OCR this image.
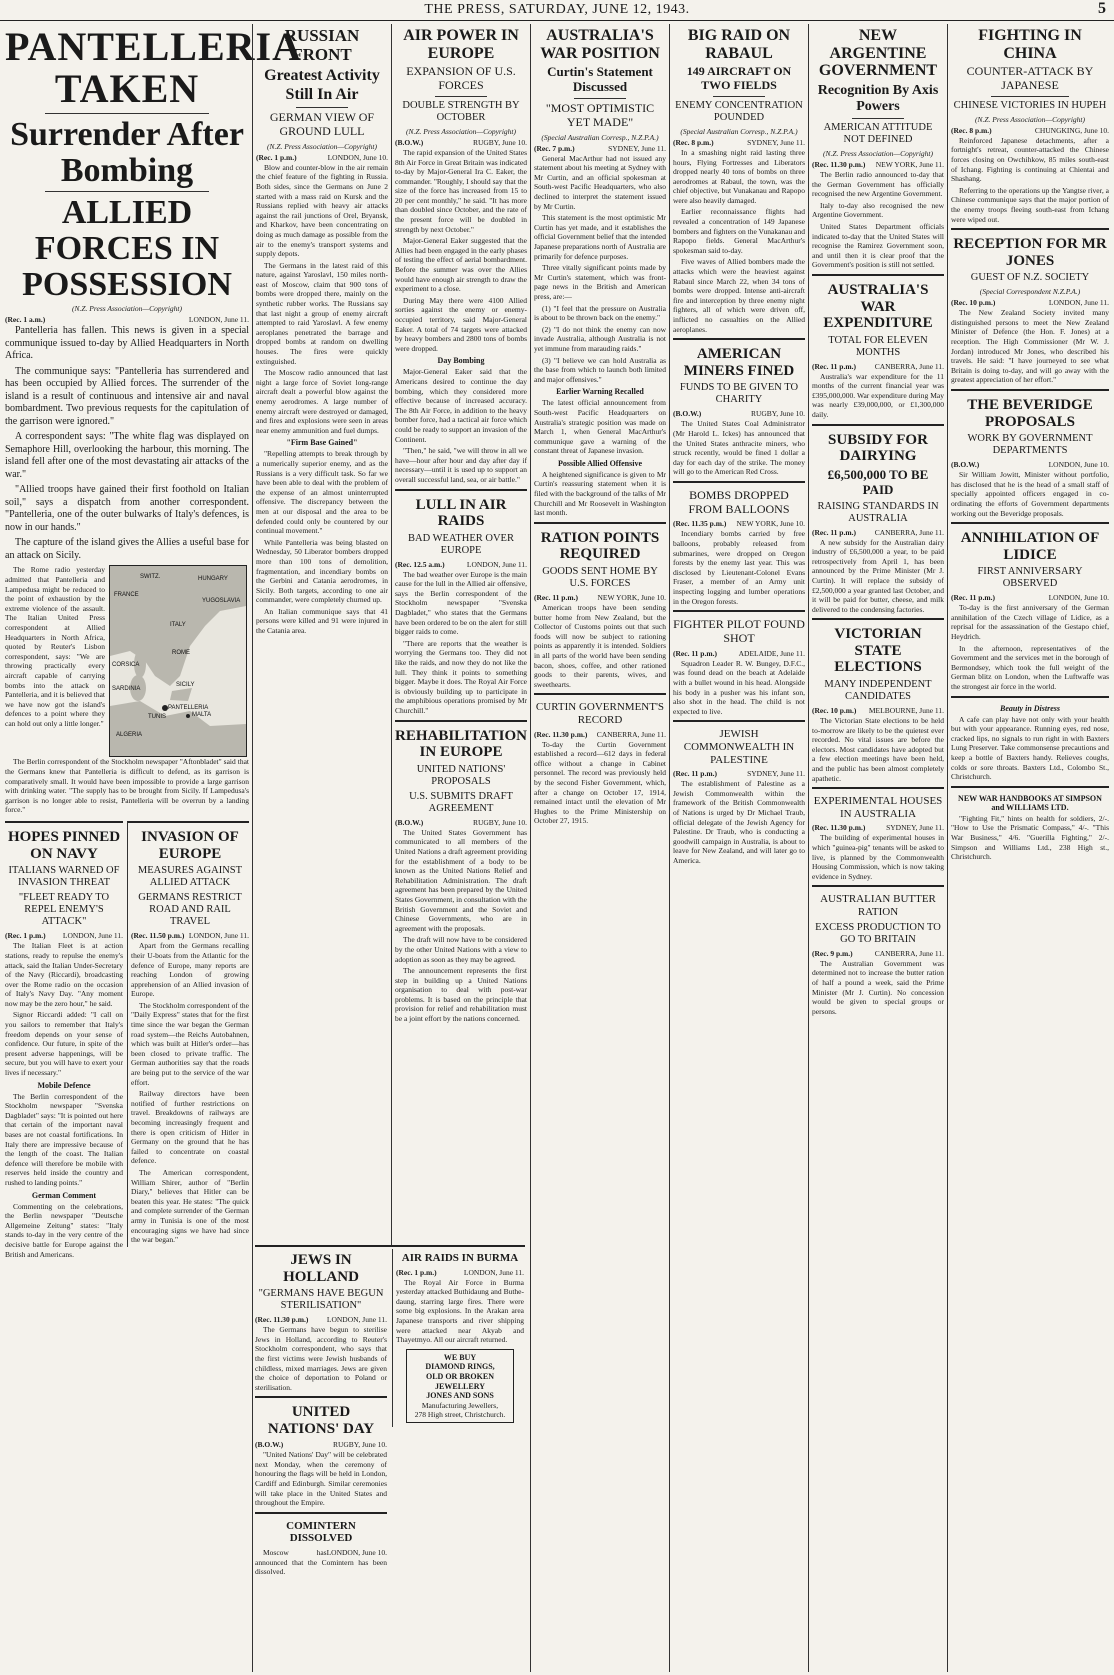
THE PRESS, SATURDAY, JUNE 12, 1943.	5
PANTELLERIA TAKEN
Surrender After Bombing
ALLIED FORCES IN POSSESSION
(N.Z. Press Association—Copyright)
(Rec. 1 a.m.)	LONDON, June 11.

Pantelleria has fallen. This news is given in a special communique issued to-day by Allied Headquarters in North Africa.

The communique says: "Pantelleria has surrendered and has been occupied by Allied forces. The surrender of the island is a result of continuous and intensive air and naval bombardment. Two previous requests for the capitulation of the garrison were ignored."

A correspondent says: "The white flag was displayed on Semaphore Hill, overlooking the harbour, this morning. The island fell after one of the most devastating air attacks of the war."

"Allied troops have gained their first foothold on Italian soil," says a dispatch from another correspondent. "Pantelleria, one of the outer bulwarks of Italy's defences, is now in our hands."

The capture of the island gives the Allies a useful base for an attack on Sicily.

The Rome radio yesterday admitted that Pantelleria and Lampedusa might be reduced to the point of exhaustion by the extreme violence of the assault. The Italian United Press correspondent at Allied Headquarters in North Africa, quoted by Reuter's Lisbon correspondent, says: "We are throwing practically every aircraft capable of carrying bombs into the attack on Pantelleria, and it is believed that we have now got the island's defences to a point where they can hold out only a little longer."

SWITZ.	HUNGARY
FRANCE
ITALY
YUGOSLAVIA
ROME
CORSICA
SARDINIA
SICILY
TUNIS
PANTELLERIA
ALGERIA
MALTA

The Berlin correspondent of the Stockholm newspaper "Aftonbladet" said that the Germans knew that Pantelleria is difficult to defend, as its garrison is comparatively small. It would have been impossible to provide a large garrison with drinking water. "The supply has to be brought from Sicily. If Lampedusa's garrison is no longer able to resist, Pantelleria will be overrun by a landing force."

HOPES PINNED ON NAVY
ITALIANS WARNED OF INVASION THREAT
"FLEET READY TO REPEL ENEMY'S ATTACK"
(Rec. 1 p.m.) LONDON, June 11.

The Italian Fleet is at action stations, ready to repulse the enemy's attack, said the Italian Under-Secretary of the Navy (Riccardi), broadcasting over the Rome radio on the occasion of Italy's Navy Day. "Any moment now may be the zero hour," he said.

Signor Riccardi added: "I call on you sailors to remember that Italy's freedom depends on your sense of confidence. Our future, in spite of the present adverse happenings, will be secure, but you will have to exert your lives if necessary."

Mobile Defence

The Berlin correspondent of the Stockholm newspaper "Svenska Dagbladet" says: "It is pointed out here that certain of the important naval bases are not coastal fortifications. In Italy there are impressive because of the length of the coast. The Italian defence will therefore be mobile with reserves held inside the country and rushed to landing points."

German Comment

Commenting on the celebrations, the Berlin newspaper "Deutsche Allgemeine Zeitung" states: "Italy stands to-day in the very centre of the decisive battle for Europe against the British and Americans.

INVASION OF EUROPE
MEASURES AGAINST ALLIED ATTACK
GERMANS RESTRICT ROAD AND RAIL TRAVEL
(Rec. 11.50 p.m.) LONDON, June 11.

Apart from the Germans recalling their U-boats from the Atlantic for the defence of Europe, many reports are reaching London of growing apprehension of an Allied invasion of Europe.

The Stockholm correspondent of the "Daily Express" states that for the first time since the war began the German road system—the Reichs Autobahnen, which was built at Hitler's order—has been closed to private traffic. The German authorities say that the roads are being put to the service of the war effort.

Railway directors have been notified of further restrictions on travel. Breakdowns of railways are becoming increasingly frequent and there is open criticism of Hitler in Germany on the ground that he has failed to concentrate on coastal defence.

The American correspondent, William Shirer, author of "Berlin Diary," believes that Hitler can be beaten this year. He states: "The quick and complete surrender of the German army in Tunisia is one of the most encouraging signs we have had since the war began."

RUSSIAN FRONT
Greatest Activity Still In Air
GERMAN VIEW OF GROUND LULL
(N.Z. Press Association—Copyright)
(Rec. 1 p.m.)	LONDON, June 10.

Blow and counter-blow in the air remain the chief feature of the fighting in Russia. Both sides, since the Germans on June 2 started with a mass raid on Kursk and the Russians replied with heavy air attacks against the rail junctions of Orel, Bryansk, and Kharkov, have been concentrating on doing as much damage as possible from the air to the enemy's transport systems and supply depots.

The Germans in the latest raid of this nature, against Yaroslavl, 150 miles north-east of Moscow, claim that 900 tons of bombs were dropped there, mainly on the synthetic rubber works. The Russians say that last night a group of enemy aircraft attempted to raid Yaroslavl. A few enemy aeroplanes penetrated the barrage and dropped bombs at random on dwelling houses. The fires were quickly extinguished.

The Moscow radio announced that last night a large force of Soviet long-range aircraft dealt a powerful blow against the enemy aerodromes. A large number of enemy aircraft were destroyed or damaged, and fires and explosions were seen in areas near enemy ammunition and fuel dumps.

"Firm Base Gained"

"Repelling attempts to break through by a numerically superior enemy, and as the Russians is a very difficult task. So far we have been able to deal with the problem of the expense of an almost uninterrupted offensive. The discrepancy between the men at our disposal and the area to be defended could only be countered by our continual movement."

While Pantelleria was being blasted on Wednesday, 50 Liberator bombers dropped more than 100 tons of demolition, fragmentation, and incendiary bombs on the Gerbini and Catania aerodromes, in Sicily. Both targets, according to one air commander, were completely churned up.

An Italian communique says that 41 persons were killed and 91 were injured in the Catania area.

AIR POWER IN EUROPE
EXPANSION OF U.S. FORCES
DOUBLE STRENGTH BY OCTOBER
(N.Z. Press Association—Copyright)
(B.O.W.)	RUGBY, June 10.

The rapid expansion of the United States 8th Air Force in Great Britain was indicated to-day by Major-General Ira C. Eaker, the commander. "Roughly, I should say that the size of the force has increased from 15 to 20 per cent monthly," he said. "It has more than doubled since October, and the rate of the present force will be doubled in strength by next October."

Major-General Eaker suggested that the Allies had been engaged in the early phases of testing the effect of aerial bombardment. Before the summer was over the Allies would have enough air strength to draw the experiment to a close.

During May there were 4100 Allied sorties against the enemy or enemy-occupied territory, said Major-General Eaker. A total of 74 targets were attacked by heavy bombers and 2800 tons of bombs were dropped.

Day Bombing

Major-General Eaker said that the Americans desired to continue the day bombing, which they considered more effective because of increased accuracy. The 8th Air Force, in addition to the heavy bomber force, had a tactical air force which could be ready to support an invasion of the Continent.

"Then," he said, "we will throw in all we have—hour after hour and day after day if necessary—until it is used up to support an overall successful land, sea, or air battle."

LULL IN AIR RAIDS
BAD WEATHER OVER EUROPE
(Rec. 12.5 a.m.)	LONDON, June 11.

The bad weather over Europe is the main cause for the lull in the Allied air offensive, says the Berlin correspondent of the Stockholm newspaper "Svenska Dagbladet," who states that the Germans have been ordered to be on the alert for still bigger raids to come.

"There are reports that the weather is worrying the Germans too. They did not like the raids, and now they do not like the lull. They think it points to something bigger. Maybe it does. The Royal Air Force is obviously building up to participate in the amphibious operations promised by Mr Churchill."

REHABILITATION IN EUROPE
UNITED NATIONS' PROPOSALS
U.S. SUBMITS DRAFT AGREEMENT
(B.O.W.)	RUGBY, June 10.

The United States Government has communicated to all members of the United Nations a draft agreement providing for the establishment of a body to be known as the United Nations Relief and Rehabilitation Administration. The draft agreement has been prepared by the United States Government, in consultation with the British Government and the Soviet and Chinese Governments, who are in agreement with the proposals.

The draft will now have to be considered by the other United Nations with a view to adoption as soon as they may be agreed.

The announcement represents the first step in building up a United Nations organisation to deal with post-war problems. It is based on the principle that provision for relief and rehabilitation must be a joint effort by the nations concerned.

AUSTRALIA'S WAR POSITION
Curtin's Statement Discussed
"MOST OPTIMISTIC YET MADE"
(Special Australian Corresp., N.Z.P.A.)
(Rec. 7 p.m.)	SYDNEY, June 11.

General MacArthur had not issued any statement about his meeting at Sydney with Mr Curtin, and an official spokesman at South-west Pacific Headquarters, who also declined to interpret the statement issued by Mr Curtin.

This statement is the most optimistic Mr Curtin has yet made, and it establishes the official Government belief that the intended Japanese preparations north of Australia are primarily for defence purposes.

Three vitally significant points made by Mr Curtin's statement, which was front-page news in the British and American press, are:—

(1) "I feel that the pressure on Australia is about to be thrown back on the enemy."

(2) "I do not think the enemy can now invade Australia, although Australia is not yet immune from marauding raids."

(3) "I believe we can hold Australia as the base from which to launch both limited and major offensives."

Earlier Warning Recalled

The latest official announcement from South-west Pacific Headquarters on Australia's strategic position was made on March 1, when General MacArthur's communique gave a warning of the constant threat of Japanese invasion.

Possible Allied Offensive

A heightened significance is given to Mr Curtin's reassuring statement when it is filed with the background of the talks of Mr Churchill and Mr Roosevelt in Washington last month.

RATION POINTS REQUIRED
GOODS SENT HOME BY U.S. FORCES
(Rec. 11 p.m.)	NEW YORK, June 10.

American troops have been sending butter home from New Zealand, but the Collector of Customs points out that such foods will now be subject to rationing points as apparently it is intended. Soldiers in all parts of the world have been sending bacon, shoes, coffee, and other rationed goods to their parents, wives, and sweethearts.

CURTIN GOVERNMENT'S RECORD
(Rec. 11.30 p.m.) CANBERRA, June 11.

To-day the Curtin Government established a record—612 days in federal office without a change in Cabinet personnel. The record was previously held by the second Fisher Government, which, after a change on October 17, 1914, remained intact until the elevation of Mr Hughes to the Prime Ministership on October 27, 1915.

BIG RAID ON RABAUL
149 AIRCRAFT ON TWO FIELDS
ENEMY CONCENTRATION POUNDED
(Special Australian Corresp., N.Z.P.A.)
(Rec. 8 p.m.)	SYDNEY, June 11.

In a smashing night raid lasting three hours, Flying Fortresses and Liberators dropped nearly 40 tons of bombs on three aerodromes at Rabaul, the town, was the chief objective, but Vunakanau and Rapopo were also heavily damaged.

Earlier reconnaissance flights had revealed a concentration of 149 Japanese bombers and fighters on the Vunakanau and Rapopo fields. General MacArthur's spokesman said to-day.

Five waves of Allied bombers made the attacks which were the heaviest against Rabaul since March 22, when 34 tons of bombs were dropped. Intense anti-aircraft fire and interception by three enemy night fighters, all of which were driven off, inflicted no casualties on the Allied aeroplanes.

AMERICAN MINERS FINED
FUNDS TO BE GIVEN TO CHARITY
(B.O.W.)	RUGBY, June 10.

The United States Coal Administrator (Mr Harold L. Ickes) has announced that the United States anthracite miners, who struck recently, would be fined 1 dollar a day for each day of the strike. The money will go to the American Red Cross.

BOMBS DROPPED FROM BALLOONS
(Rec. 11.35 p.m.) NEW YORK, June 10.

Incendiary bombs carried by free balloons, probably released from submarines, were dropped on Oregon forests by the enemy last year. This was disclosed by Lieutenant-Colonel Evans Fraser, a member of an Army unit inspecting logging and lumber operations in the Oregon forests.

FIGHTER PILOT FOUND SHOT
(Rec. 11 p.m.)	ADELAIDE, June 11.

Squadron Leader R. W. Bungey, D.F.C., was found dead on the beach at Adelaide with a bullet wound in his head. Alongside his body in a pusher was his infant son, also shot in the head. The child is not expected to live.

JEWISH COMMONWEALTH IN PALESTINE
(Rec. 11 p.m.)	SYDNEY, June 11.

The establishment of Palestine as a Jewish Commonwealth within the framework of the British Commonwealth of Nations is urged by Dr Michael Traub, official delegate of the Jewish Agency for Palestine. Dr Traub, who is conducting a goodwill campaign in Australia, is about to leave for New Zealand, and will later go to America.

NEW ARGENTINE GOVERNMENT
Recognition By Axis Powers
AMERICAN ATTITUDE NOT DEFINED
(N.Z. Press Association—Copyright)
(Rec. 11.30 p.m.) NEW YORK, June 11.

The Berlin radio announced to-day that the German Government has officially recognised the new Argentine Government.

Italy to-day also recognised the new Argentine Government.

United States Department officials indicated to-day that the United States will recognise the Ramirez Government soon, and until then it is clear proof that the Government's position is still not settled.

AUSTRALIA'S WAR EXPENDITURE
TOTAL FOR ELEVEN MONTHS
(Rec. 11 p.m.) CANBERRA, June 11.

Australia's war expenditure for the 11 months of the current financial year was £395,000,000. War expenditure during May was nearly £39,000,000, or £1,300,000 daily.

SUBSIDY FOR DAIRYING
£6,500,000 TO BE PAID
RAISING STANDARDS IN AUSTRALIA
(Rec. 11 p.m.) CANBERRA, June 11.

A new subsidy for the Australian dairy industry of £6,500,000 a year, to be paid retrospectively from April 1, has been announced by the Prime Minister (Mr J. Curtin). It will replace the subsidy of £2,500,000 a year granted last October, and it will be paid for butter, cheese, and milk delivered to the condensing factories.

VICTORIAN STATE ELECTIONS
MANY INDEPENDENT CANDIDATES
(Rec. 10 p.m.) MELBOURNE, June 11.

The Victorian State elections to be held to-morrow are likely to be the quietest ever recorded. No vital issues are before the electors. Most candidates have adopted but a few election meetings have been held, and the public has been almost completely apathetic.

EXPERIMENTAL HOUSES IN AUSTRALIA
(Rec. 11.30 p.m.)	SYDNEY, June 11.

The building of experimental houses in which "guinea-pig" tenants will be asked to live, is planned by the Commonwealth Housing Commission, which is now taking evidence in Sydney.

AUSTRALIAN BUTTER RATION
EXCESS PRODUCTION TO GO TO BRITAIN
(Rec. 9 p.m.)	CANBERRA, June 11.

The Australian Government was determined not to increase the butter ration of half a pound a week, said the Prime Minister (Mr J. Curtin). No concession would be given to special groups or persons.

FIGHTING IN CHINA
COUNTER-ATTACK BY JAPANESE
CHINESE VICTORIES IN HUPEH
(N.Z. Press Association—Copyright)
(Rec. 8 p.m.)	CHUNGKING, June 10.

Reinforced Japanese detachments, after a fortnight's retreat, counter-attacked the Chinese forces closing on Owchihkow, 85 miles south-east of Ichang. Fighting is continuing at Chientai and Shashang.

Referring to the operations up the Yangtse river, a Chinese communique says that the major portion of the enemy troops fleeing south-east from Ichang were wiped out.

RECEPTION FOR MR JONES
GUEST OF N.Z. SOCIETY
(Special Correspondent N.Z.P.A.)
(Rec. 10 p.m.)	LONDON, June 11.

The New Zealand Society invited many distinguished persons to meet the New Zealand Minister of Defence (the Hon. F. Jones) at a reception. The High Commissioner (Mr W. J. Jordan) introduced Mr Jones, who described his travels. He said: "I have journeyed to see what Britain is doing to-day, and will go away with the greatest appreciation of her effort."

THE BEVERIDGE PROPOSALS
WORK BY GOVERNMENT DEPARTMENTS
(B.O.W.)	LONDON, June 10.

Sir William Jowitt, Minister without portfolio, has disclosed that he is the head of a small staff of specially appointed officers engaged in co-ordinating the efforts of Government departments working out the Beveridge proposals.

ANNIHILATION OF LIDICE
FIRST ANNIVERSARY OBSERVED
(Rec. 11 p.m.)	LONDON, June 10.

To-day is the first anniversary of the German annihilation of the Czech village of Lidice, as a reprisal for the assassination of the Gestapo chief, Heydrich.

In the afternoon, representatives of the Government and the services met in the borough of Bermondsey, which took the full weight of the German blitz on London, when the Luftwaffe was the strongest air force in the world.

Beauty in Distress

A cafe can play have not only with your health but with your appearance. Running eyes, red nose, cracked lips, no signals to run right in with Baxters Lung Preserver. Take commonsense precautions and keep a bottle of Baxters handy. Relieves coughs, colds or sore throats. Baxters Ltd., Colombo St., Christchurch.

NEW WAR HANDBOOKS AT SIMPSON and WILLIAMS LTD.

"Fighting Fit," hints on health for soldiers, 2/-. "How to Use the Prismatic Compass," 4/-. "This War Business," 4/6. "Guerilla Fighting," 2/-. Simpson and Williams Ltd., 238 High st., Christchurch.

JEWS IN HOLLAND
"GERMANS HAVE BEGUN STERILISATION"
(Rec. 11.30 p.m.) LONDON, June 11.

The Germans have begun to sterilise Jews in Holland, according to Reuter's Stockholm correspondent, who says that the first victims were Jewish husbands of childless, mixed marriages. Jews are given the choice of deportation to Poland or sterilisation.

UNITED NATIONS' DAY
(B.O.W.)	RUGBY, June 10.

"United Nations' Day" will be celebrated next Monday, when the ceremony of honouring the flags will be held in London, Cardiff and Edinburgh. Similar ceremonies will take place in the United States and throughout the Empire.

COMINTERN DISSOLVED
LONDON, June 10.

Moscow has announced that the Comintern has been dissolved.

AIR RAIDS IN BURMA
(Rec. 1 p.m.)	LONDON, June 11.

The Royal Air Force in Burma yesterday attacked Buthidaung and Buthe-daung, starring large fires. There were some big explosions. In the Arakan area Japanese transports and river shipping were attacked near Akyab and Thayetmyo. All our aircraft returned.

WE BUY
DIAMOND RINGS,
OLD OR BROKEN JEWELLERY
JONES AND SONS
Manufacturing Jewellers,
278 High street, Christchurch.
